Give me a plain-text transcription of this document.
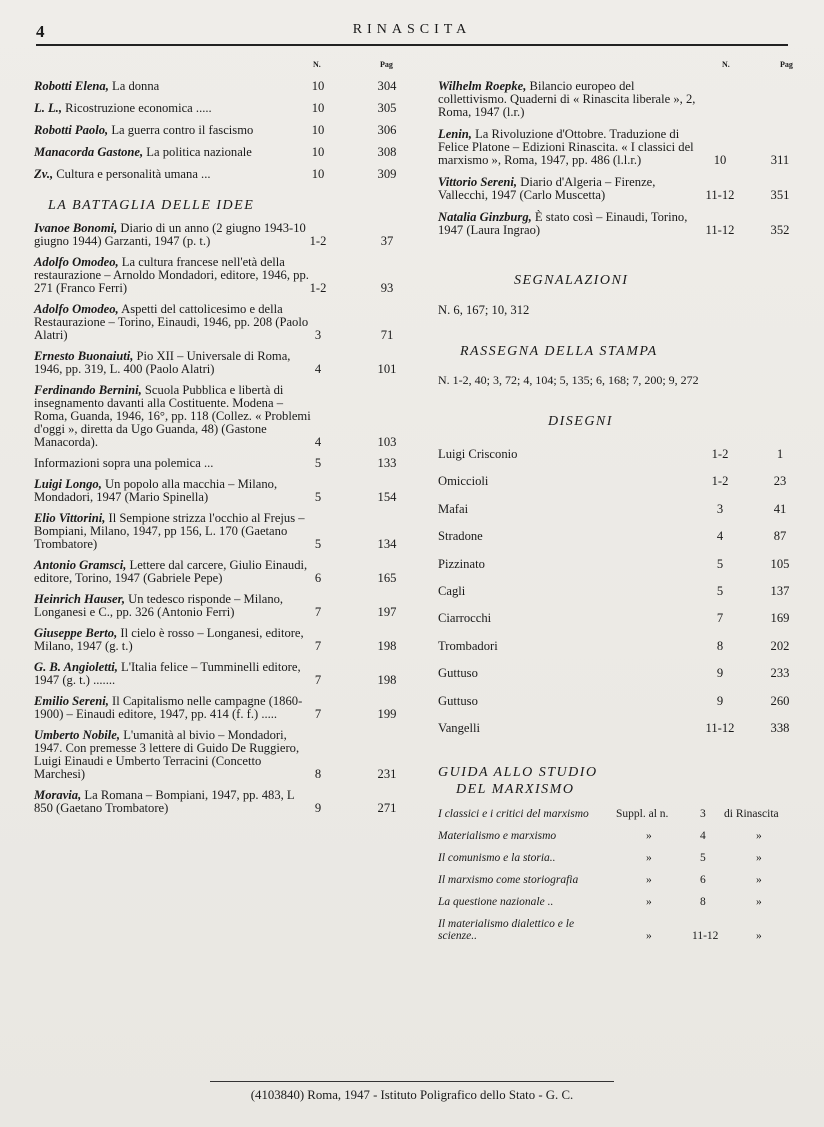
4	RINASCITA
N.	Pag
Robotti Elena, La donna	10	304
L. L., Ricostruzione economica .....	10	305
Robotti Paolo, La guerra contro il fascismo	10	306
Manacorda Gastone, La politica nazionale	10	308
Zv., Cultura e personalità umana ...	10	309
LA BATTAGLIA DELLE IDEE
Ivanoe Bonomi, Diario di un anno (2 giugno 1943-10 giugno 1944) Garzanti, 1947 (p. t.)	1-2	37
Adolfo Omodeo, La cultura francese nell'età della restaurazione – Arnoldo Mondadori, editore, 1946, pp. 271 (Franco Ferri)	1-2	93
Adolfo Omodeo, Aspetti del cattolicesimo e della Restaurazione – Torino, Einaudi, 1946, pp. 208 (Paolo Alatri)	3	71
Ernesto Buonaiuti, Pio XII – Universale di Roma, 1946, pp. 319, L. 400 (Paolo Alatri)	4	101
Ferdinando Bernini, Scuola Pubblica e libertà di insegnamento davanti alla Costituente. Modena – Roma, Guanda, 1946, 16°, pp. 118 (Collez. « Problemi d'oggi », diretta da Ugo Guanda, 48) (Gastone Manacorda).	4	103
Informazioni sopra una polemica ...	5	133
Luigi Longo, Un popolo alla macchia – Milano, Mondadori, 1947 (Mario Spinella)	5	154
Elio Vittorini, Il Sempione strizza l'occhio al Frejus – Bompiani, Milano, 1947, pp 156, L. 170 (Gaetano Trombatore)	5	134
Antonio Gramsci, Lettere dal carcere, Giulio Einaudi, editore, Torino, 1947 (Gabriele Pepe)	6	165
Heinrich Hauser, Un tedesco risponde – Milano, Longanesi e C., pp. 326 (Antonio Ferri)	7	197
Giuseppe Berto, Il cielo è rosso – Longanesi, editore, Milano, 1947 (g. t.)	7	198
G. B. Angioletti, L'Italia felice – Tumminelli editore, 1947 (g. t.) .......	7	198
Emilio Sereni, Il Capitalismo nelle campagne (1860-1900) – Einaudi editore, 1947, pp. 414 (f. f.) .....	7	199
Umberto Nobile, L'umanità al bivio – Mondadori, 1947. Con premesse 3 lettere di Guido De Ruggiero, Luigi Einaudi e Umberto Terracini (Concetto Marchesi)	8	231
Moravia, La Romana – Bompiani, 1947, pp. 483, L 850 (Gaetano Trombatore)	9	271
N.	Pag
Wilhelm Roepke, Bilancio europeo del collettivismo. Quaderni di « Rinascita liberale », 2, Roma, 1947 (l.r.)
Lenin, La Rivoluzione d'Ottobre. Traduzione di Felice Platone – Edizioni Rinascita. « I classici del marxismo », Roma, 1947, pp. 486 (l.l.r.)	10	311
Vittorio Sereni, Diario d'Algeria – Firenze, Vallecchi, 1947 (Carlo Muscetta)	11-12	351
Natalia Ginzburg, È stato così – Einaudi, Torino, 1947 (Laura Ingrao)	11-12	352
SEGNALAZIONI
N. 6, 167; 10, 312
RASSEGNA DELLA STAMPA
N. 1-2, 40; 3, 72; 4, 104; 5, 135; 6, 168; 7, 200; 9, 272
DISEGNI
Luigi Crisconio	1-2	1
Omiccioli	1-2	23
Mafai	3	41
Stradone	4	87
Pizzinato	5	105
Cagli	5	137
Ciarrocchi	7	169
Trombadori	8	202
Guttuso	9	233
Guttuso	9	260
Vangelli	11-12	338
GUIDA ALLO STUDIO
DEL MARXISMO
I classici e i critici del marxismo	Suppl. al n.	3 di Rinascita
Materialismo e marxismo	»	4	»
Il comunismo e la storia..	»	5	»
Il marxismo come storiografia	»	6	»
La questione nazionale ..	»	8	»
Il materialismo dialettico e le scienze..	»	11-12	»
(4103840) Roma, 1947 - Istituto Poligrafico dello Stato - G. C.
